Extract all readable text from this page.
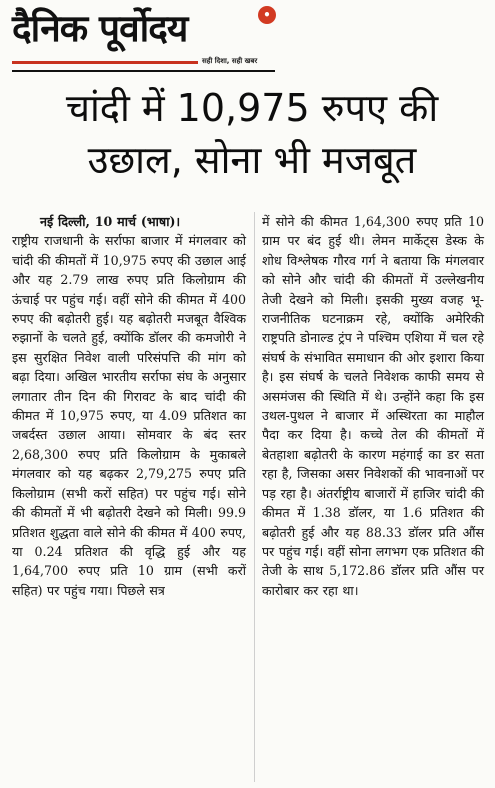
दैनिक पूर्वोदय	•
सही दिशा, सही खबर
चांदी में 10,975 रुपए की उछाल, सोना भी मजबूत
नई दिल्ली, 10 मार्च (भाषा)।
राष्ट्रीय राजधानी के सर्राफा बाजार में मंगलवार को चांदी की कीमतों में 10,975 रुपए की उछाल आई और यह 2.79 लाख रुपए प्रति किलोग्राम की ऊंचाई पर पहुंच गई। वहीं सोने की कीमत में 400 रुपए की बढ़ोतरी हुई। यह बढ़ोतरी मजबूत वैश्विक रुझानों के चलते हुई, क्योंकि डॉलर की कमजोरी ने इस सुरक्षित निवेश वाली परिसंपत्ति की मांग को बढ़ा दिया। अखिल भारतीय सर्राफा संघ के अनुसार लगातार तीन दिन की गिरावट के बाद चांदी की कीमत में 10,975 रुपए, या 4.09 प्रतिशत का जबर्दस्त उछाल आया। सोमवार के बंद स्तर 2,68,300 रुपए प्रति किलोग्राम के मुकाबले मंगलवार को यह बढ़कर 2,79,275 रुपए प्रति किलोग्राम (सभी करों सहित) पर पहुंच गई। सोने की कीमतों में भी बढ़ोतरी देखने को मिली। 99.9 प्रतिशत शुद्धता वाले सोने की कीमत में 400 रुपए, या 0.24 प्रतिशत की वृद्धि हुई और यह 1,64,700 रुपए प्रति 10 ग्राम (सभी करों सहित) पर पहुंच गया। पिछले सत्र
में सोने की कीमत 1,64,300 रुपए प्रति 10 ग्राम पर बंद हुई थी। लेमन मार्केट्स डेस्क के शोध विश्लेषक गौरव गर्ग ने बताया कि मंगलवार को सोने और चांदी की कीमतों में उल्लेखनीय तेजी देखने को मिली। इसकी मुख्य वजह भू-राजनीतिक घटनाक्रम रहे, क्योंकि अमेरिकी राष्ट्रपति डोनाल्ड ट्रंप ने पश्चिम एशिया में चल रहे संघर्ष के संभावित समाधान की ओर इशारा किया है। इस संघर्ष के चलते निवेशक काफी समय से असमंजस की स्थिति में थे। उन्होंने कहा कि इस उथल-पुथल ने बाजार में अस्थिरता का माहौल पैदा कर दिया है। कच्चे तेल की कीमतों में बेतहाशा बढ़ोतरी के कारण महंगाई का डर सता रहा है, जिसका असर निवेशकों की भावनाओं पर पड़ रहा है। अंतर्राष्ट्रीय बाजारों में हाजिर चांदी की कीमत में 1.38 डॉलर, या 1.6 प्रतिशत की बढ़ोतरी हुई और यह 88.33 डॉलर प्रति औंस पर पहुंच गई। वहीं सोना लगभग एक प्रतिशत की तेजी के साथ 5,172.86 डॉलर प्रति औंस पर कारोबार कर रहा था।
